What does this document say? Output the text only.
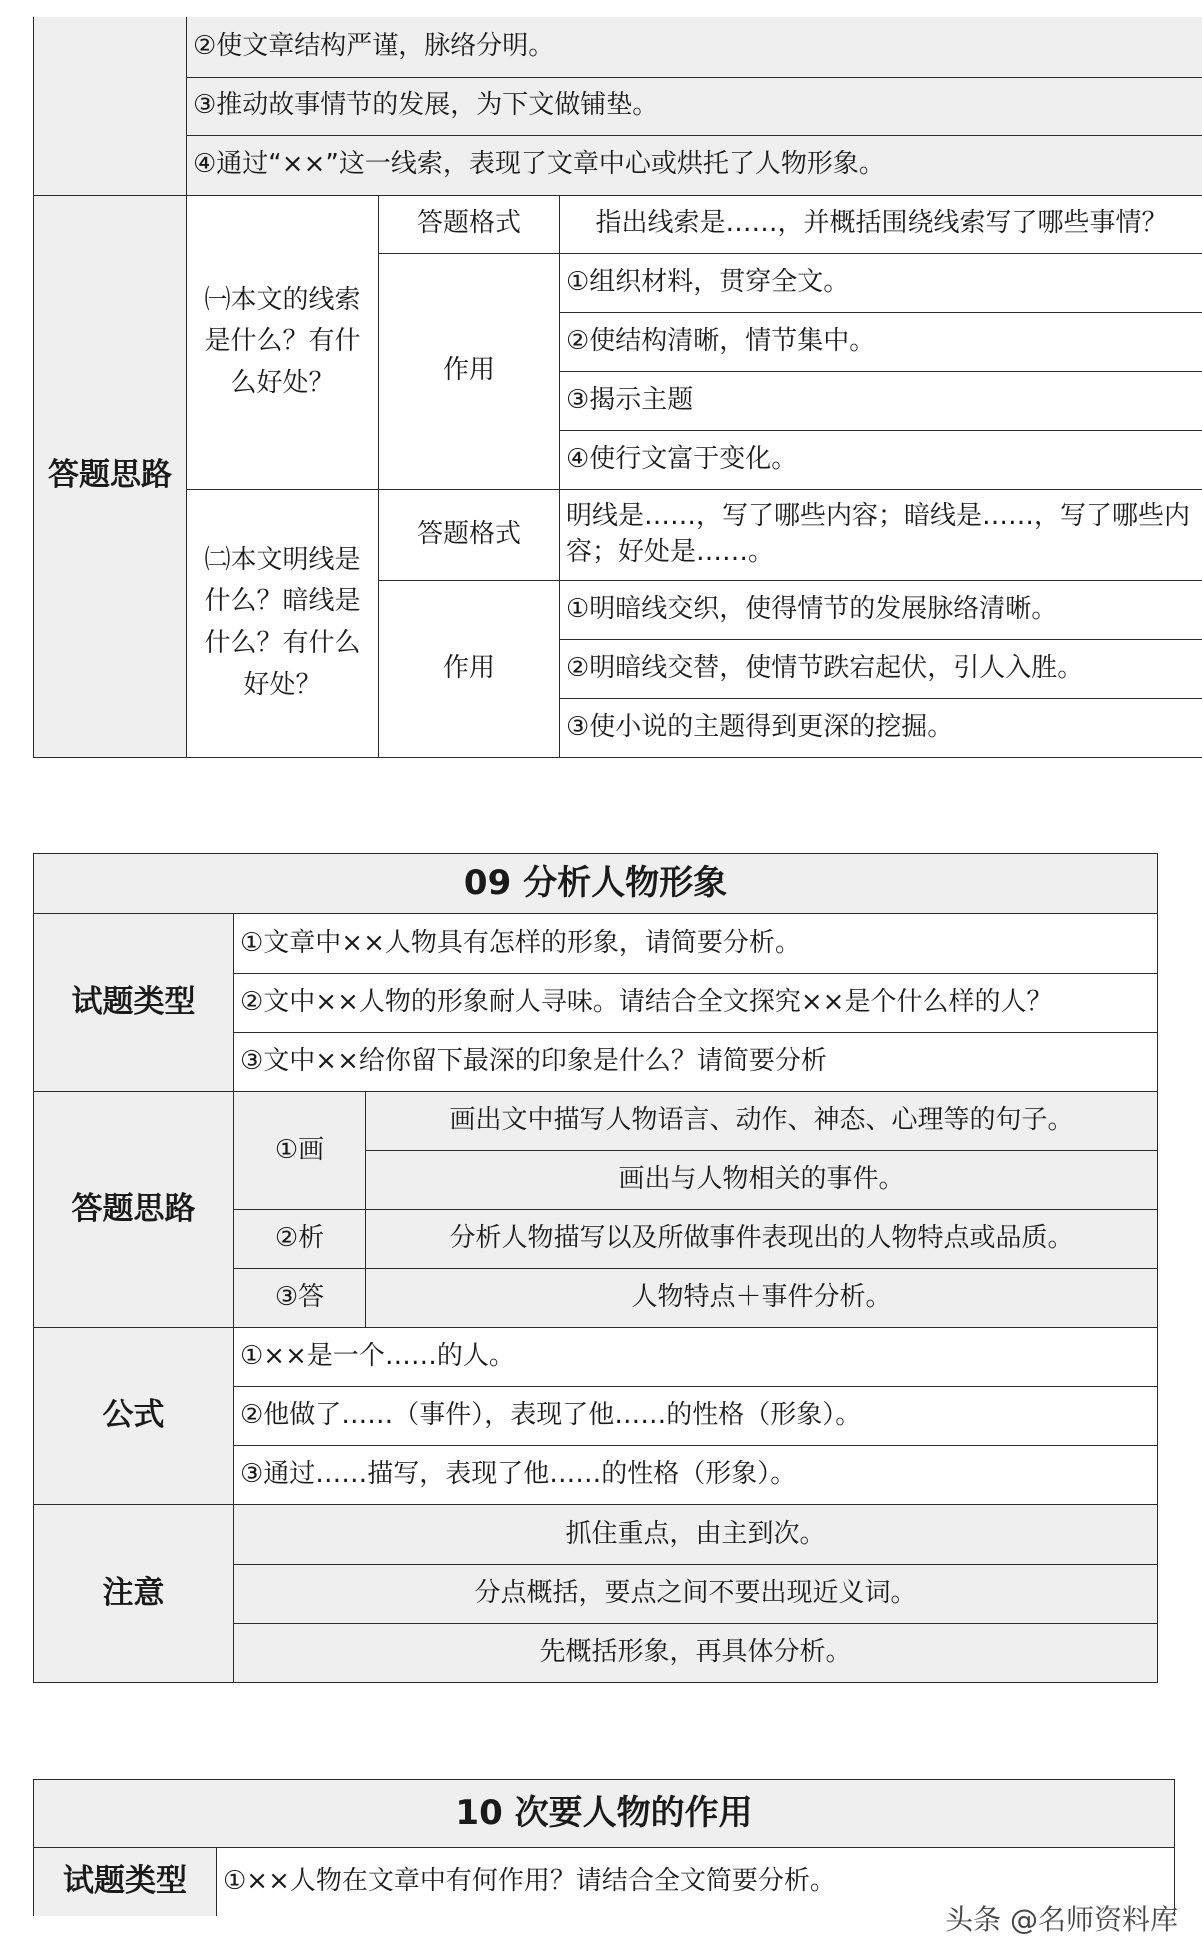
	②使文章结构严谨，脉络分明。		
	③推动故事情节的发展，为下文做铺垫。		
	④通过“××”这一线索，表现了文章中心或烘托了人物形象。		
答题思路	㈠本文的线索是什么？有什么好处？	答题格式	指出线索是……，并概括围绕线索写了哪些事情？
		作用	①组织材料，贯穿全文。
			②使结构清晰，情节集中。
			③揭示主题
			④使行文富于变化。
	㈡本文明线是什么？暗线是什么？有什么好处？	答题格式	明线是……，写了哪些内容；暗线是……，写了哪些内容；好处是……。
		作用	①明暗线交织，使得情节的发展脉络清晰。
			②明暗线交替，使情节跌宕起伏，引人入胜。
			③使小说的主题得到更深的挖掘。
09 分析人物形象		
试题类型	①文章中××人物具有怎样的形象，请简要分析。	
	②文中××人物的形象耐人寻味。请结合全文探究××是个什么样的人？	
	③文中××给你留下最深的印象是什么？请简要分析	
答题思路	①画	画出文中描写人物语言、动作、神态、心理等的句子。
		画出与人物相关的事件。
	②析	分析人物描写以及所做事件表现出的人物特点或品质。
	③答	人物特点＋事件分析。
公式	①××是一个……的人。	
	②他做了……（事件），表现了他……的性格（形象）。	
	③通过……描写，表现了他……的性格（形象）。	
注意	抓住重点，由主到次。	
	分点概括，要点之间不要出现近义词。	
	先概括形象，再具体分析。	
10 次要人物的作用
试题类型	①××人物在文章中有何作用？请结合全文简要分析。
头条 @名师资料库
